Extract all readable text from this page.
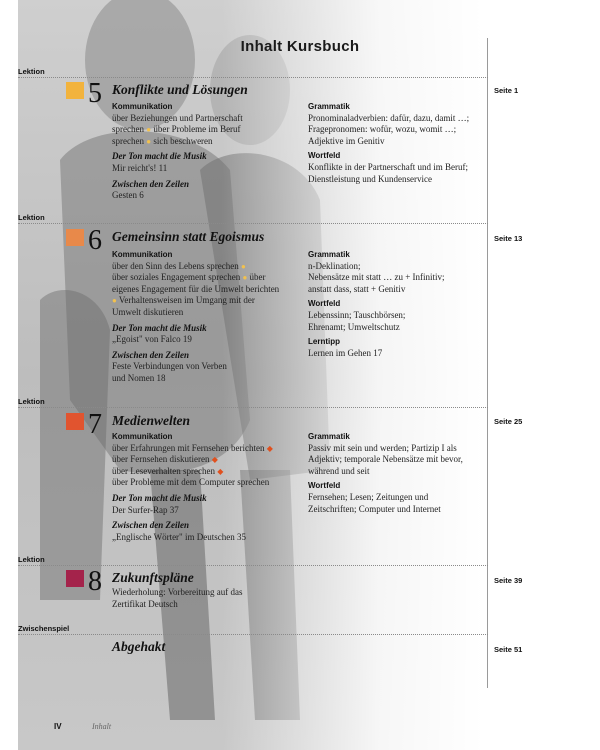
Inhalt Kursbuch
Lektion
Seite 1
5 Konflikte und Lösungen
Kommunikation
über Beziehungen und Partnerschaft
sprechen ● über Probleme im Beruf
sprechen ● sich beschweren
Der Ton macht die Musik
Mir reicht's! 11
Zwischen den Zeilen
Gesten 6
Grammatik
Pronominaladverbien: dafür, dazu, damit …;
Fragepronomen: wofür, wozu, womit …;
Adjektive im Genitiv
Wortfeld
Konflikte in der Partnerschaft und im Beruf;
Dienstleistung und Kundenservice
Lektion
Seite 13
6 Gemeinsinn statt Egoismus
Kommunikation
über den Sinn des Lebens sprechen ●
über soziales Engagement sprechen ● über
eigenes Engagement für die Umwelt berichten
● Verhaltensweisen im Umgang mit der
Umwelt diskutieren
Der Ton macht die Musik
„Egoist" von Falco 19
Zwischen den Zeilen
Feste Verbindungen von Verben
und Nomen 18
Grammatik
n-Deklination;
Nebensätze mit statt … zu + Infinitiv;
anstatt dass, statt + Genitiv
Wortfeld
Lebenssinn; Tauschbörsen;
Ehrenamt; Umweltschutz
Lerntipp
Lernen im Gehen 17
Lektion
Seite 25
7 Medienwelten
Kommunikation
über Erfahrungen mit Fernsehen berichten ◆
über Fernsehen diskutieren ◆
über Leseverhalten sprechen ◆
über Probleme mit dem Computer sprechen
Der Ton macht die Musik
Der Surfer-Rap 37
Zwischen den Zeilen
„Englische Wörter" im Deutschen 35
Grammatik
Passiv mit sein und werden; Partizip I als
Adjektiv; temporale Nebensätze mit bevor,
während und seit
Wortfeld
Fernsehen; Lesen; Zeitungen und
Zeitschriften; Computer und Internet
Lektion
Seite 39
8 Zukunftspläne
Wiederholung: Vorbereitung auf das
Zertifikat Deutsch
Zwischenspiel
Seite 51
Abgehakt
IV	Inhalt
